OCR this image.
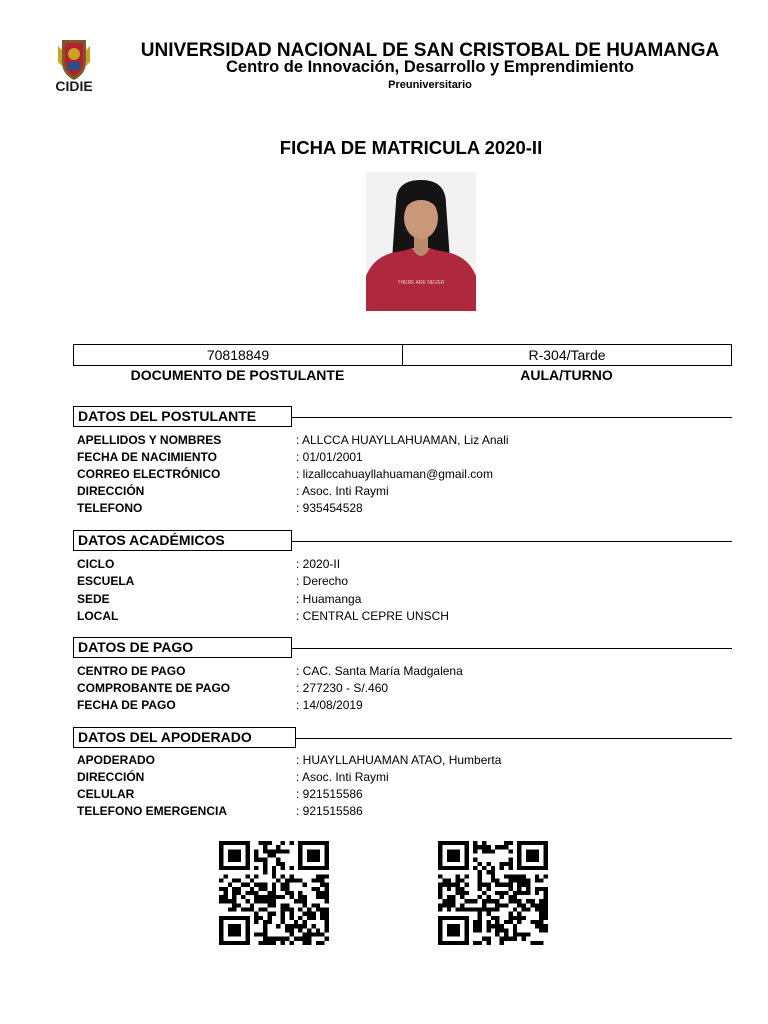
CIDIE
UNIVERSIDAD NACIONAL DE SAN CRISTOBAL DE HUAMANGA
Centro de Innovación, Desarrollo y Emprendimiento
Preuniversitario
FICHA DE MATRICULA 2020-II
THERE ARE NEVER
70818849	R-304/Tarde
DOCUMENTO DE POSTULANTE	AULA/TURNO
DATOS DEL POSTULANTE
APELLIDOS Y NOMBRES	: ALLCCA HUAYLLAHUAMAN, Liz Anali
FECHA DE NACIMIENTO	: 01/01/2001
CORREO ELECTRÓNICO	: lizallccahuayllahuaman@gmail.com
DIRECCIÓN	: Asoc. Inti Raymi
TELEFONO	: 935454528
DATOS ACADÉMICOS
CICLO	: 2020-II
ESCUELA	: Derecho
SEDE	: Huamanga
LOCAL	: CENTRAL CEPRE UNSCH
DATOS DE PAGO
CENTRO DE PAGO	: CAC. Santa María Madgalena
COMPROBANTE DE PAGO	: 277230 - S/.460
FECHA DE PAGO	: 14/08/2019
DATOS DEL APODERADO
APODERADO	: HUAYLLAHUAMAN ATAO, Humberta
DIRECCIÓN	: Asoc. Inti Raymi
CELULAR	: 921515586
TELEFONO EMERGENCIA	: 921515586
